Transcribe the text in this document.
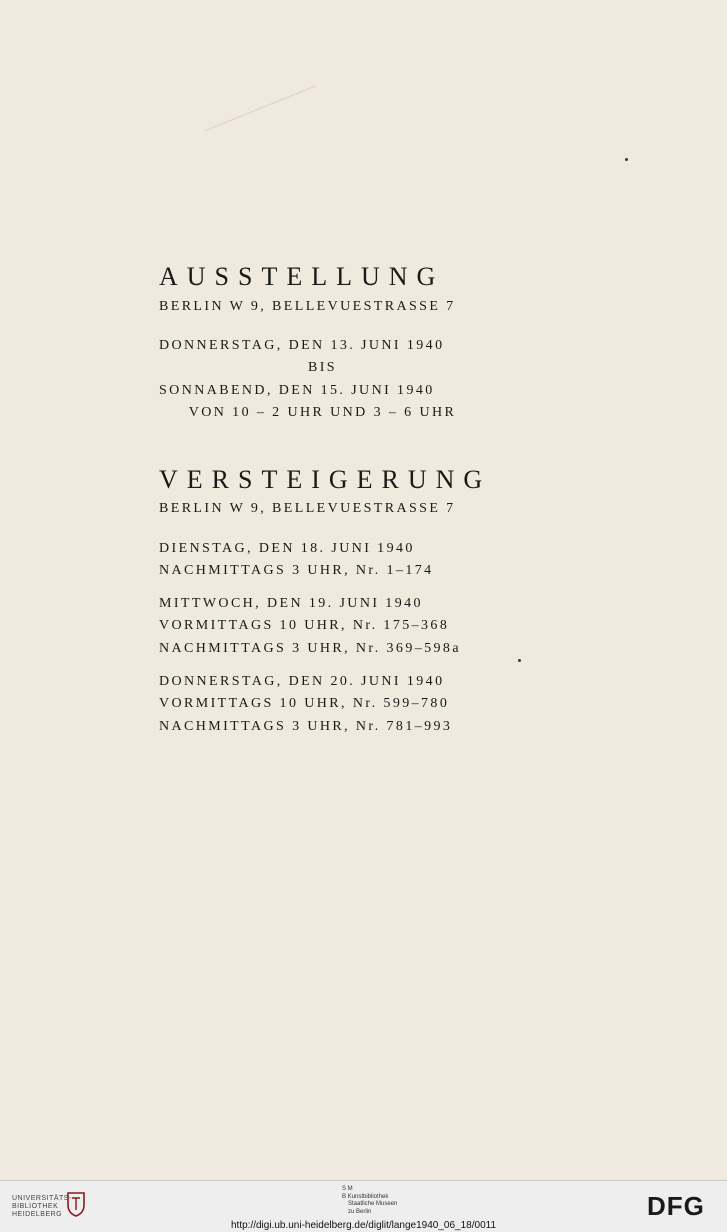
AUSSTELLUNG
BERLIN W 9, BELLEVUESTRASSE 7
DONNERSTAG, DEN 13. JUNI 1940
BIS
SONNABEND, DEN 15. JUNI 1940
VON 10 – 2 UHR UND 3 – 6 UHR
VERSTEIGERUNG
BERLIN W 9, BELLEVUESTRASSE 7
DIENSTAG, DEN 18. JUNI 1940
NACHMITTAGS 3 UHR, Nr. 1–174
MITTWOCH, DEN 19. JUNI 1940
VORMITTAGS 10 UHR, Nr. 175–368
NACHMITTAGS 3 UHR, Nr. 369–598a
DONNERSTAG, DEN 20. JUNI 1940
VORMITTAGS 10 UHR, Nr. 599–780
NACHMITTAGS 3 UHR, Nr. 781–993
UNIVERSITÄTS-
BIBLIOTHEK
HEIDELBERG
S M
B Kunstbibliothek
Staatliche Museen
zu Berlin	DFG
http://digi.ub.uni-heidelberg.de/diglit/lange1940_06_18/0011
